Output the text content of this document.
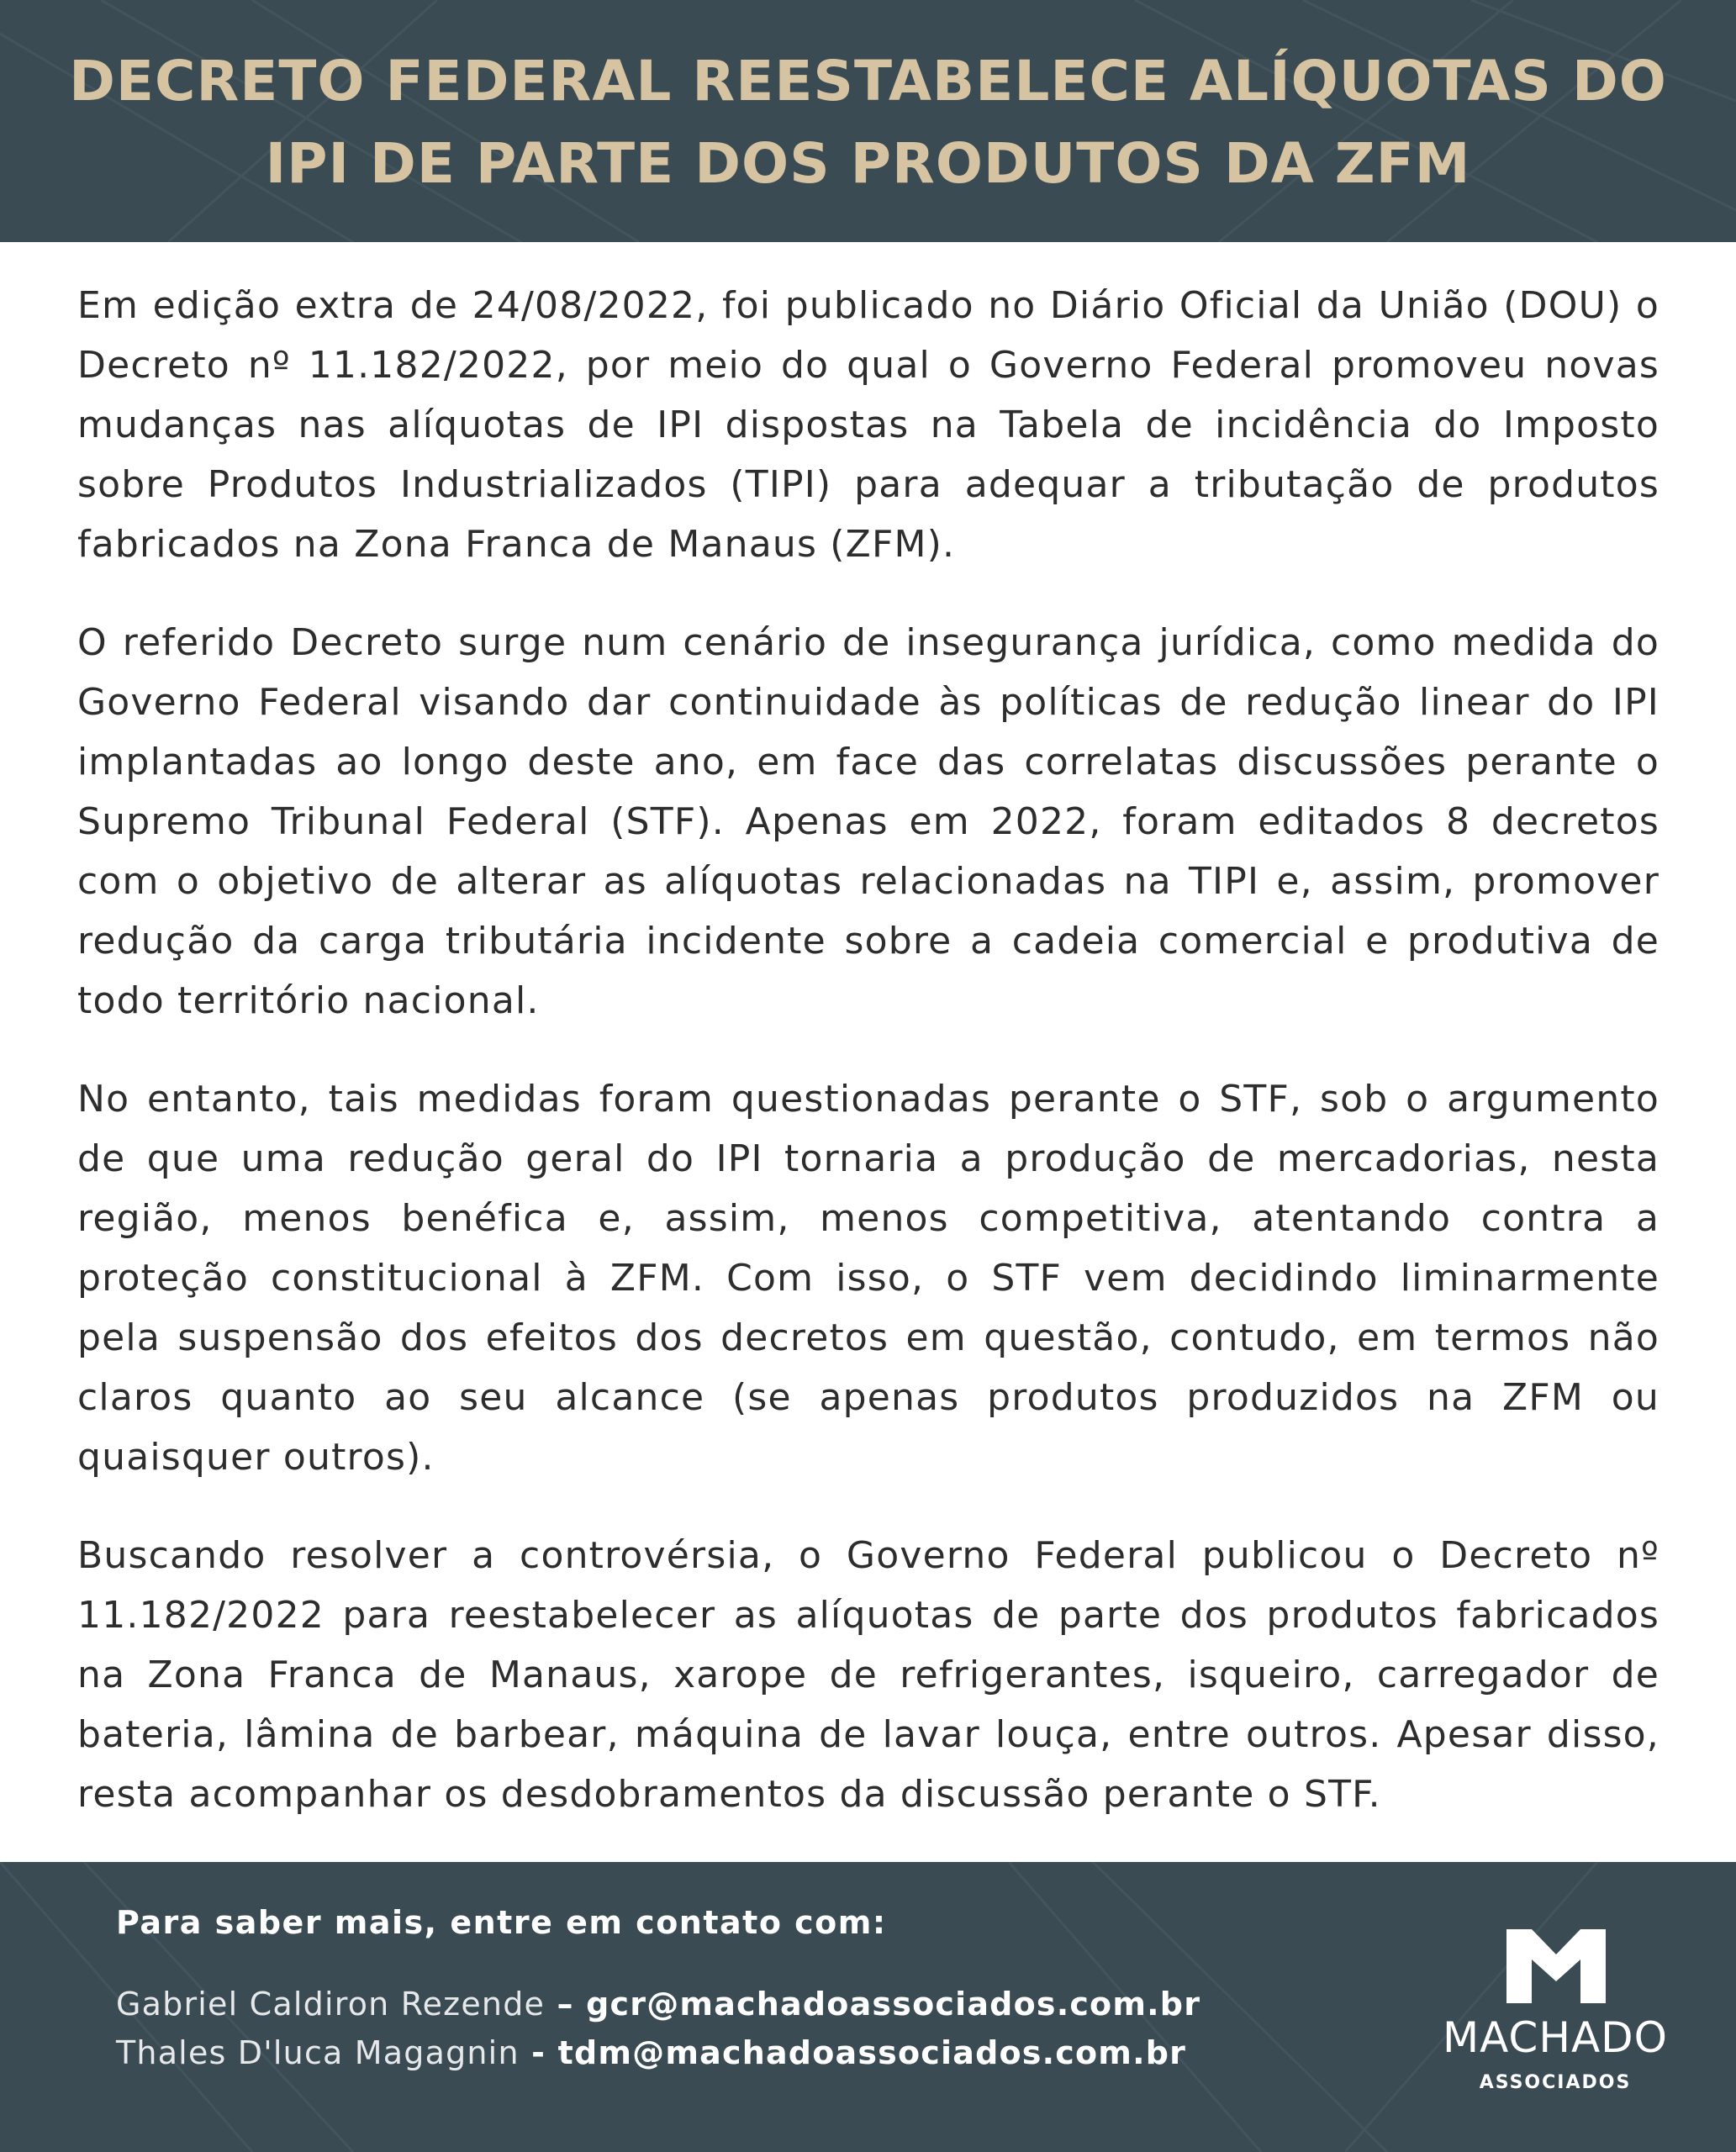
DECRETO FEDERAL REESTABELECE ALÍQUOTAS DO
IPI DE PARTE DOS PRODUTOS DA ZFM

Em edição extra de 24/08/2022, foi publicado no Diário Oficial da União (DOU) o Decreto nº 11.182/2022, por meio do qual o Governo Federal promoveu novas mudanças nas alíquotas de IPI dispostas na Tabela de incidência do Imposto sobre Produtos Industrializados (TIPI) para adequar a tributação de produtos fabricados na Zona Franca de Manaus (ZFM).

O referido Decreto surge num cenário de insegurança jurídica, como medida do Governo Federal visando dar continuidade às políticas de redução linear do IPI implantadas ao longo deste ano, em face das correlatas discussões perante o Supremo Tribunal Federal (STF). Apenas em 2022, foram editados 8 decretos com o objetivo de alterar as alíquotas relacionadas na TIPI e, assim, promover redução da carga tributária incidente sobre a cadeia comercial e produtiva de todo território nacional.

No entanto, tais medidas foram questionadas perante o STF, sob o argumento de que uma redução geral do IPI tornaria a produção de mercadorias, nesta região, menos benéfica e, assim, menos competitiva, atentando contra a proteção constitucional à ZFM. Com isso, o STF vem decidindo liminarmente pela suspensão dos efeitos dos decretos em questão, contudo, em termos não claros quanto ao seu alcance (se apenas produtos produzidos na ZFM ou quaisquer outros).

Buscando resolver a controvérsia, o Governo Federal publicou o Decreto nº 11.182/2022 para reestabelecer as alíquotas de parte dos produtos fabricados na Zona Franca de Manaus, xarope de refrigerantes, isqueiro, carregador de bateria, lâmina de barbear, máquina de lavar louça, entre outros. Apesar disso, resta acompanhar os desdobramentos da discussão perante o STF.

Para saber mais, entre em contato com:
Gabriel Caldiron Rezende – gcr@machadoassociados.com.br
Thales D'luca Magagnin - tdm@machadoassociados.com.br	MACHADO
ASSOCIADOS
